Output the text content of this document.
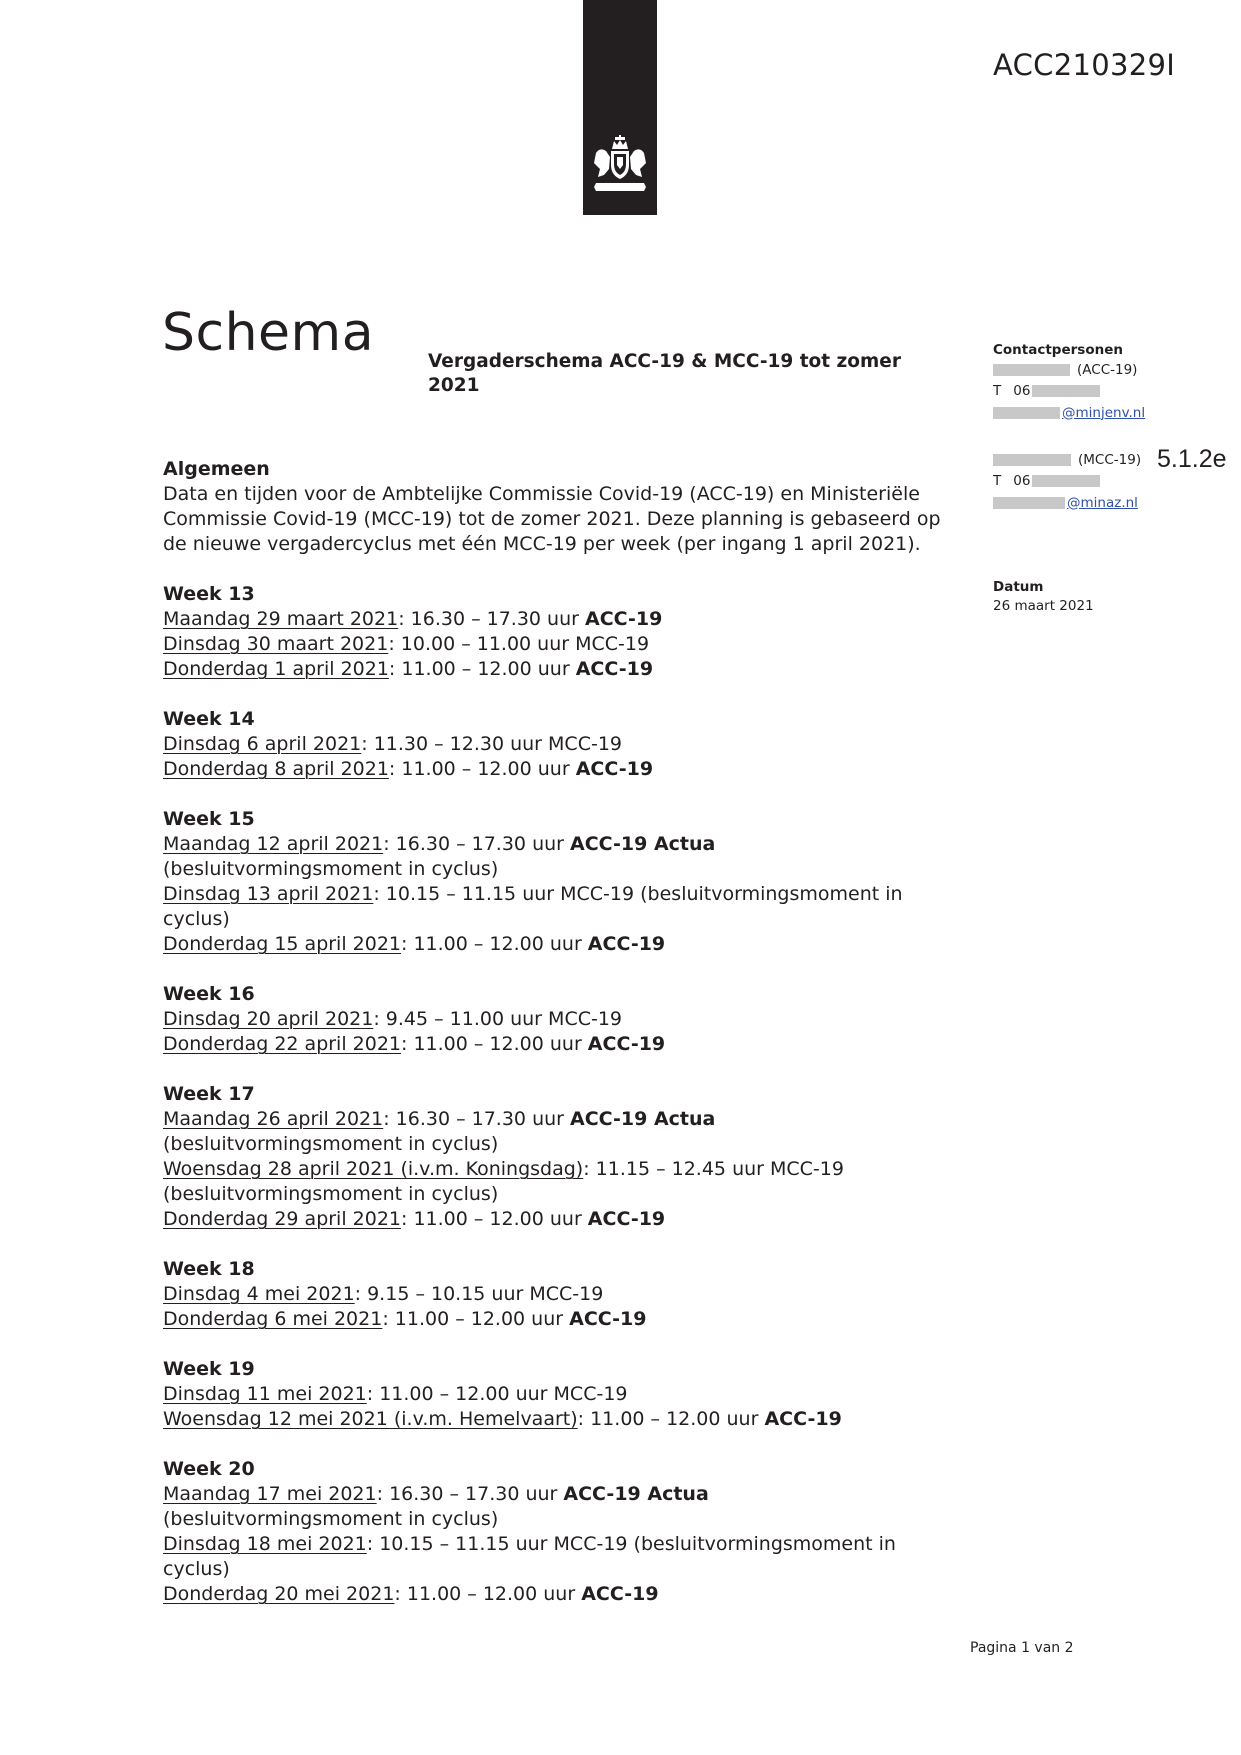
ACC210329I
Schema	Vergaderschema ACC-19 & MCC-19 tot zomer
2021
Contactpersonen
(ACC-19)
T 06
@minjenv.nl
(MCC-19)
T 06
@minaz.nl
5.1.2e
Datum
26 maart 2021
Algemeen
Data en tijden voor de Ambtelijke Commissie Covid-19 (ACC-19) en Ministeriële
Commissie Covid-19 (MCC-19) tot de zomer 2021. Deze planning is gebaseerd op
de nieuwe vergadercyclus met één MCC-19 per week (per ingang 1 april 2021).
Week 13
Maandag 29 maart 2021: 16.30 – 17.30 uur ACC-19
Dinsdag 30 maart 2021: 10.00 – 11.00 uur MCC-19
Donderdag 1 april 2021: 11.00 – 12.00 uur ACC-19
Week 14
Dinsdag 6 april 2021: 11.30 – 12.30 uur MCC-19
Donderdag 8 april 2021: 11.00 – 12.00 uur ACC-19
Week 15
Maandag 12 april 2021: 16.30 – 17.30 uur ACC-19 Actua
(besluitvormingsmoment in cyclus)
Dinsdag 13 april 2021: 10.15 – 11.15 uur MCC-19 (besluitvormingsmoment in
cyclus)
Donderdag 15 april 2021: 11.00 – 12.00 uur ACC-19
Week 16
Dinsdag 20 april 2021: 9.45 – 11.00 uur MCC-19
Donderdag 22 april 2021: 11.00 – 12.00 uur ACC-19
Week 17
Maandag 26 april 2021: 16.30 – 17.30 uur ACC-19 Actua
(besluitvormingsmoment in cyclus)
Woensdag 28 april 2021 (i.v.m. Koningsdag): 11.15 – 12.45 uur MCC-19
(besluitvormingsmoment in cyclus)
Donderdag 29 april 2021: 11.00 – 12.00 uur ACC-19
Week 18
Dinsdag 4 mei 2021: 9.15 – 10.15 uur MCC-19
Donderdag 6 mei 2021: 11.00 – 12.00 uur ACC-19
Week 19
Dinsdag 11 mei 2021: 11.00 – 12.00 uur MCC-19
Woensdag 12 mei 2021 (i.v.m. Hemelvaart): 11.00 – 12.00 uur ACC-19
Week 20
Maandag 17 mei 2021: 16.30 – 17.30 uur ACC-19 Actua
(besluitvormingsmoment in cyclus)
Dinsdag 18 mei 2021: 10.15 – 11.15 uur MCC-19 (besluitvormingsmoment in
cyclus)
Donderdag 20 mei 2021: 11.00 – 12.00 uur ACC-19
Pagina 1 van 2
